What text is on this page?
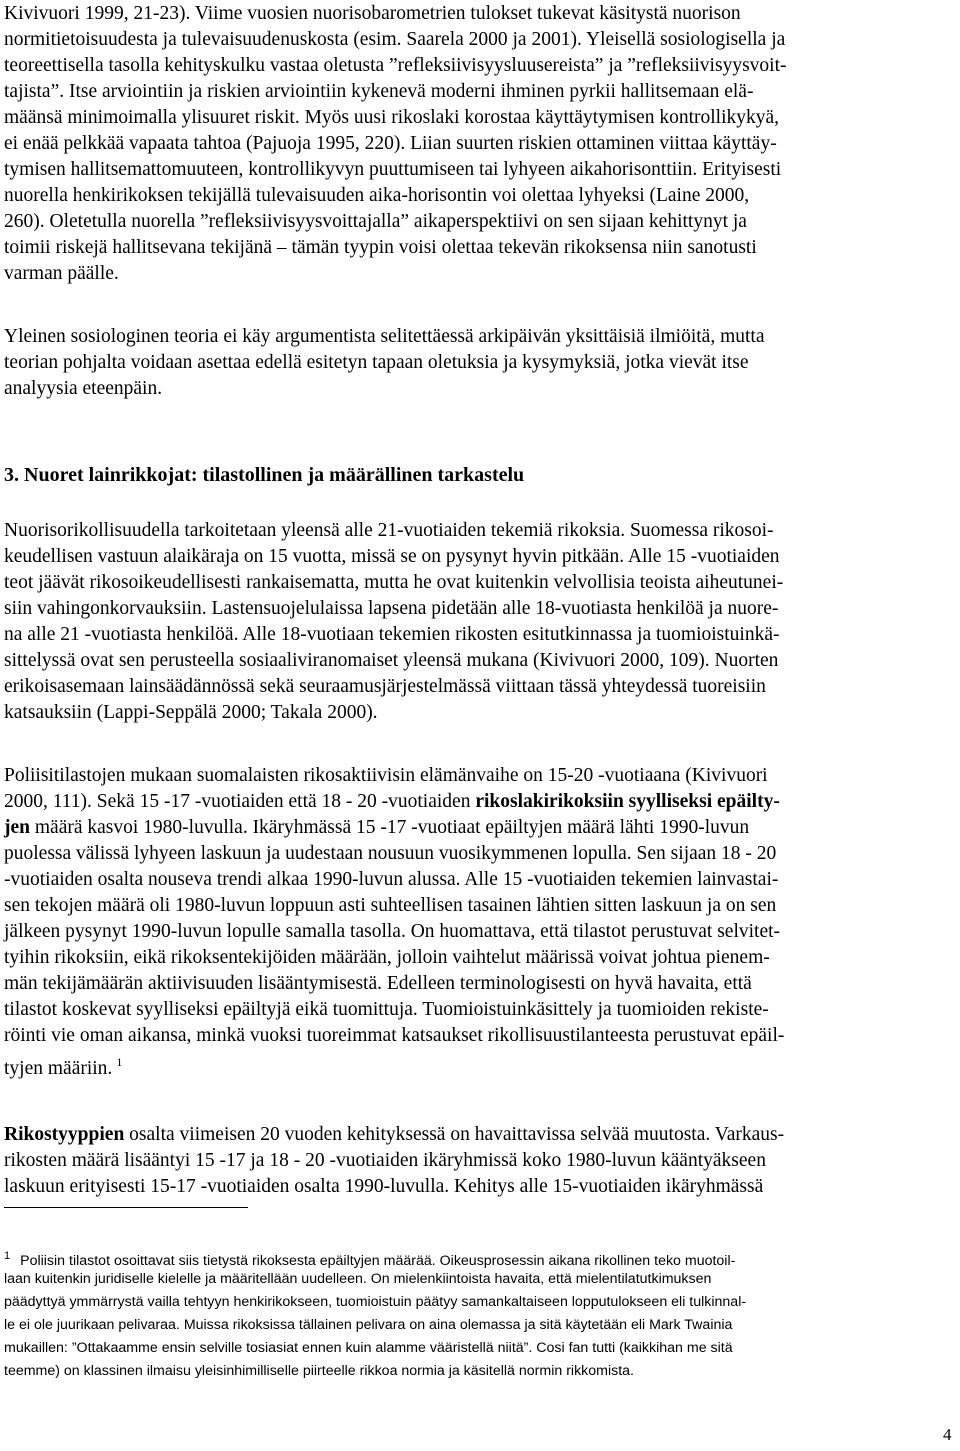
Kivivuori 1999, 21-23). Viime vuosien nuorisobarometrien tulokset tukevat käsitystä nuorison
normitietoisuudesta ja tulevaisuudenuskosta (esim. Saarela 2000 ja 2001). Yleisellä sosiologisella ja
teoreettisella tasolla kehityskulku vastaa oletusta ”refleksiivisyysluusereista” ja ”refleksiivisyysvoit-
tajista”. Itse arviointiin ja riskien arviointiin kykenevä moderni ihminen pyrkii hallitsemaan elä-
määnsä minimoimalla ylisuuret riskit. Myös uusi rikoslaki korostaa käyttäytymisen kontrollikykyä,
ei enää pelkkää vapaata tahtoa (Pajuoja 1995, 220). Liian suurten riskien ottaminen viittaa käyttäy-
tymisen hallitsemattomuuteen, kontrollikyvyn puuttumiseen tai lyhyeen aikahorisonttiin. Erityisesti
nuorella henkirikoksen tekijällä tulevaisuuden aika-horisontin voi olettaa lyhyeksi (Laine 2000,
260). Oletetulla nuorella ”refleksiivisyysvoittajalla” aikaperspektiivi on sen sijaan kehittynyt ja
toimii riskejä hallitsevana tekijänä – tämän tyypin voisi olettaa tekevän rikoksensa niin sanotusti
varman päälle.
Yleinen sosiologinen teoria ei käy argumentista selitettäessä arkipäivän yksittäisiä ilmiöitä, mutta
teorian pohjalta voidaan asettaa edellä esitetyn tapaan oletuksia ja kysymyksiä, jotka vievät itse
analyysia eteenpäin.
3. Nuoret lainrikkojat: tilastollinen ja määrällinen tarkastelu
Nuorisorikollisuudella tarkoitetaan yleensä alle 21-vuotiaiden tekemiä rikoksia. Suomessa rikosoi-
keudellisen vastuun alaikäraja on 15 vuotta, missä se on pysynyt hyvin pitkään. Alle 15 -vuotiaiden
teot jäävät rikosoikeudellisesti rankaisematta, mutta he ovat kuitenkin velvollisia teoista aiheutunei-
siin vahingonkorvauksiin. Lastensuojelulaissa lapsena pidetään alle 18-vuotiasta henkilöä ja nuore-
na alle 21 -vuotiasta henkilöä. Alle 18-vuotiaan tekemien rikosten esitutkinnassa ja tuomioistuinkä-
sittelyssä ovat sen perusteella sosiaaliviranomaiset yleensä mukana (Kivivuori 2000, 109). Nuorten
erikoisasemaan lainsäädännössä sekä seuraamusjärjestelmässä viittaan tässä yhteydessä tuoreisiin
katsauksiin (Lappi-Seppälä 2000; Takala 2000).
Poliisitilastojen mukaan suomalaisten rikosaktiivisin elämänvaihe on 15-20 -vuotiaana (Kivivuori
2000, 111). Sekä 15 -17 -vuotiaiden että 18 - 20 -vuotiaiden rikoslakirikoksiin syylliseksi epäilty-
jen määrä kasvoi 1980-luvulla. Ikäryhmässä 15 -17 -vuotiaat epäiltyjen määrä lähti 1990-luvun
puolessa välissä lyhyeen laskuun ja uudestaan nousuun vuosikymmenen lopulla. Sen sijaan 18 - 20
-vuotiaiden osalta nouseva trendi alkaa 1990-luvun alussa. Alle 15 -vuotiaiden tekemien lainvastai-
sen tekojen määrä oli 1980-luvun loppuun asti suhteellisen tasainen lähtien sitten laskuun ja on sen
jälkeen pysynyt 1990-luvun lopulle samalla tasolla. On huomattava, että tilastot perustuvat selvitet-
tyihin rikoksiin, eikä rikoksentekijöiden määrään, jolloin vaihtelut määrissä voivat johtua pienem-
män tekijämäärän aktiivisuuden lisääntymisestä. Edelleen terminologisesti on hyvä havaita, että
tilastot koskevat syylliseksi epäiltyjä eikä tuomittuja. Tuomioistuinkäsittely ja tuomioiden rekiste-
röinti vie oman aikansa, minkä vuoksi tuoreimmat katsaukset rikollisuustilanteesta perustuvat epäil-
tyjen määriin. $^1$
Rikostyyppien osalta viimeisen 20 vuoden kehityksessä on havaittavissa selvää muutosta. Varkaus-
rikosten määrä lisääntyi 15 -17 ja 18 - 20 -vuotiaiden ikäryhmissä koko 1980-luvun kääntyäkseen
laskuun erityisesti 15-17 -vuotiaiden osalta 1990-luvulla. Kehitys alle 15-vuotiaiden ikäryhmässä
$^1$ Poliisin tilastot osoittavat siis tietystä rikoksesta epäiltyjen määrää. Oikeusprosessin aikana rikollinen teko muotoil-
laan kuitenkin juridiselle kielelle ja määritellään uudelleen. On mielenkiintoista havaita, että mielentilatutkimuksen
päädyttyä ymmärrystä vailla tehtyyn henkirikokseen, tuomioistuin päätyy samankaltaiseen lopputulokseen eli tulkinnal-
le ei ole juurikaan pelivaraa. Muissa rikoksissa tällainen pelivara on aina olemassa ja sitä käytetään eli Mark Twainia
mukaillen: ”Ottakaamme ensin selville tosiasiat ennen kuin alamme vääristellä niitä”. Cosi fan tutti (kaikkihan me sitä
teemme) on klassinen ilmaisu yleisinhimilliselle piirteelle rikkoa normia ja käsitellä normin rikkomista.
4
